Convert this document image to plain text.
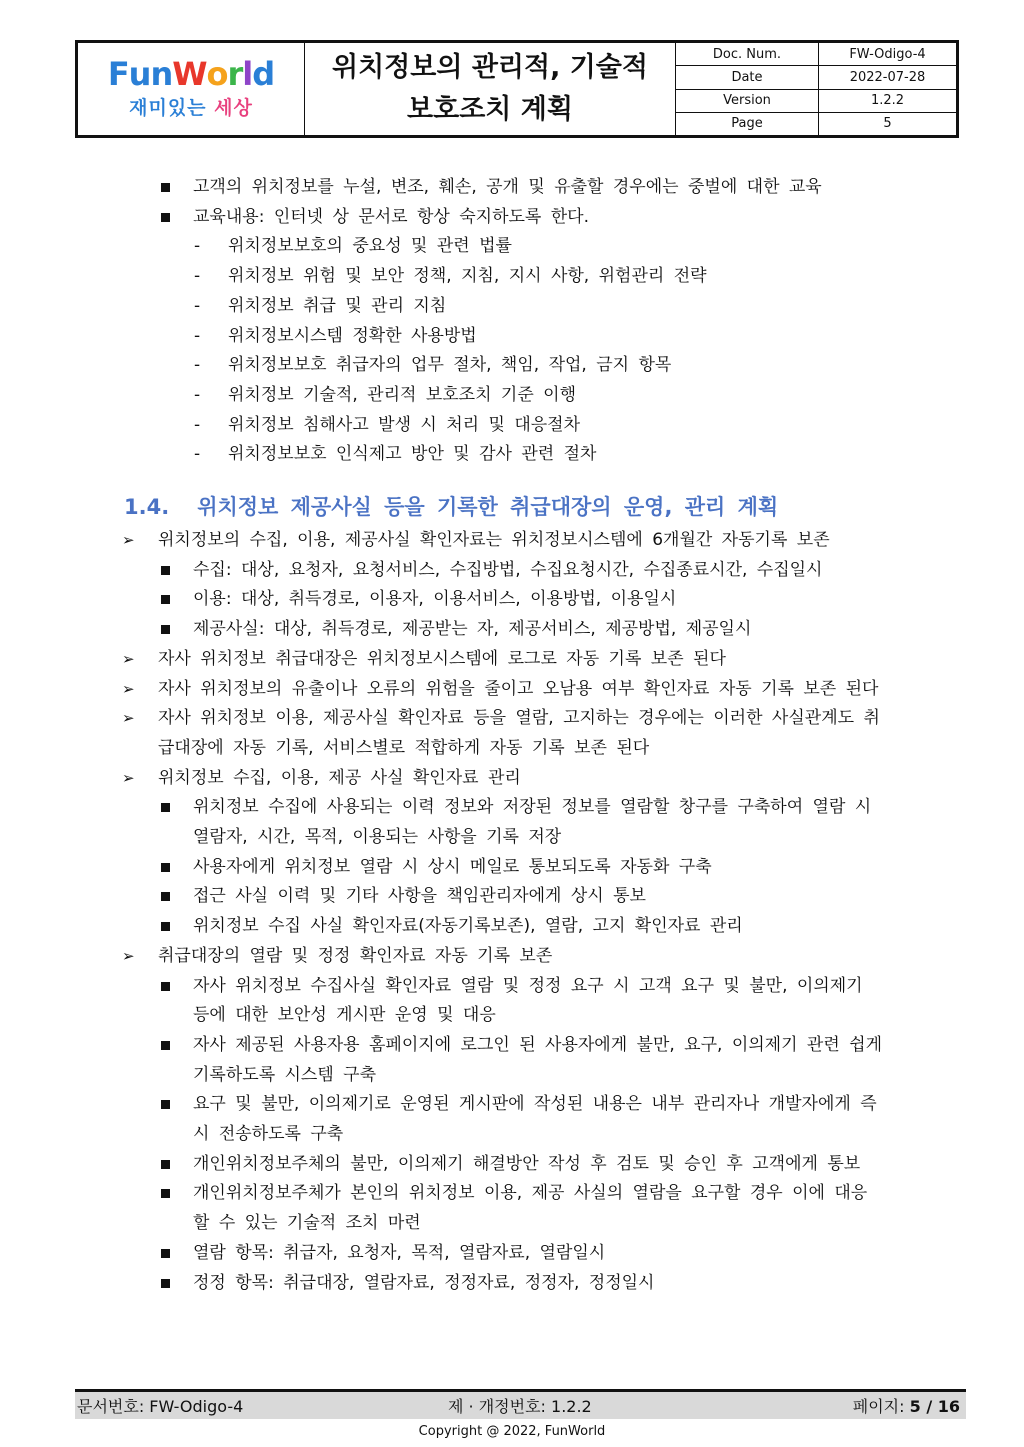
FunWorld
재미있는 세상
위치정보의 관리적, 기술적
보호조치 계획
Doc. Num.	FW-Odigo-4
Date	2022-07-28
Version	1.2.2
Page	5
고객의 위치정보를 누설, 변조, 훼손, 공개 및 유출할 경우에는 중벌에 대한 교육
교육내용: 인터넷 상 문서로 항상 숙지하도록 한다.
- 위치정보보호의 중요성 및 관련 법률
- 위치정보 위험 및 보안 정책, 지침, 지시 사항, 위험관리 전략
- 위치정보 취급 및 관리 지침
- 위치정보시스템 정확한 사용방법
- 위치정보보호 취급자의 업무 절차, 책임, 작업, 금지 항목
- 위치정보 기술적, 관리적 보호조치 기준 이행
- 위치정보 침해사고 발생 시 처리 및 대응절차
- 위치정보보호 인식제고 방안 및 감사 관련 절차
1.4. 위치정보 제공사실 등을 기록한 취급대장의 운영, 관리 계획
➢ 위치정보의 수집, 이용, 제공사실 확인자료는 위치정보시스템에 6개월간 자동기록 보존
수집: 대상, 요청자, 요청서비스, 수집방법, 수집요청시간, 수집종료시간, 수집일시
이용: 대상, 취득경로, 이용자, 이용서비스, 이용방법, 이용일시
제공사실: 대상, 취득경로, 제공받는 자, 제공서비스, 제공방법, 제공일시
➢ 자사 위치정보 취급대장은 위치정보시스템에 로그로 자동 기록 보존 된다
➢ 자사 위치정보의 유출이나 오류의 위험을 줄이고 오남용 여부 확인자료 자동 기록 보존 된다
➢ 자사 위치정보 이용, 제공사실 확인자료 등을 열람, 고지하는 경우에는 이러한 사실관계도 취
급대장에 자동 기록, 서비스별로 적합하게 자동 기록 보존 된다
➢ 위치정보 수집, 이용, 제공 사실 확인자료 관리
위치정보 수집에 사용되는 이력 정보와 저장된 정보를 열람할 창구를 구축하여 열람 시
열람자, 시간, 목적, 이용되는 사항을 기록 저장
사용자에게 위치정보 열람 시 상시 메일로 통보되도록 자동화 구축
접근 사실 이력 및 기타 사항을 책임관리자에게 상시 통보
위치정보 수집 사실 확인자료(자동기록보존), 열람, 고지 확인자료 관리
➢ 취급대장의 열람 및 정정 확인자료 자동 기록 보존
자사 위치정보 수집사실 확인자료 열람 및 정정 요구 시 고객 요구 및 불만, 이의제기
등에 대한 보안성 게시판 운영 및 대응
자사 제공된 사용자용 홈페이지에 로그인 된 사용자에게 불만, 요구, 이의제기 관련 쉽게
기록하도록 시스템 구축
요구 및 불만, 이의제기로 운영된 게시판에 작성된 내용은 내부 관리자나 개발자에게 즉
시 전송하도록 구축
개인위치정보주체의 불만, 이의제기 해결방안 작성 후 검토 및 승인 후 고객에게 통보
개인위치정보주체가 본인의 위치정보 이용, 제공 사실의 열람을 요구할 경우 이에 대응
할 수 있는 기술적 조치 마련
열람 항목: 취급자, 요청자, 목적, 열람자료, 열람일시
정정 항목: 취급대장, 열람자료, 정정자료, 정정자, 정정일시
문서번호: FW-Odigo-4	제 · 개정번호: 1.2.2	페이지: 5 / 16
Copyright @ 2022, FunWorld
